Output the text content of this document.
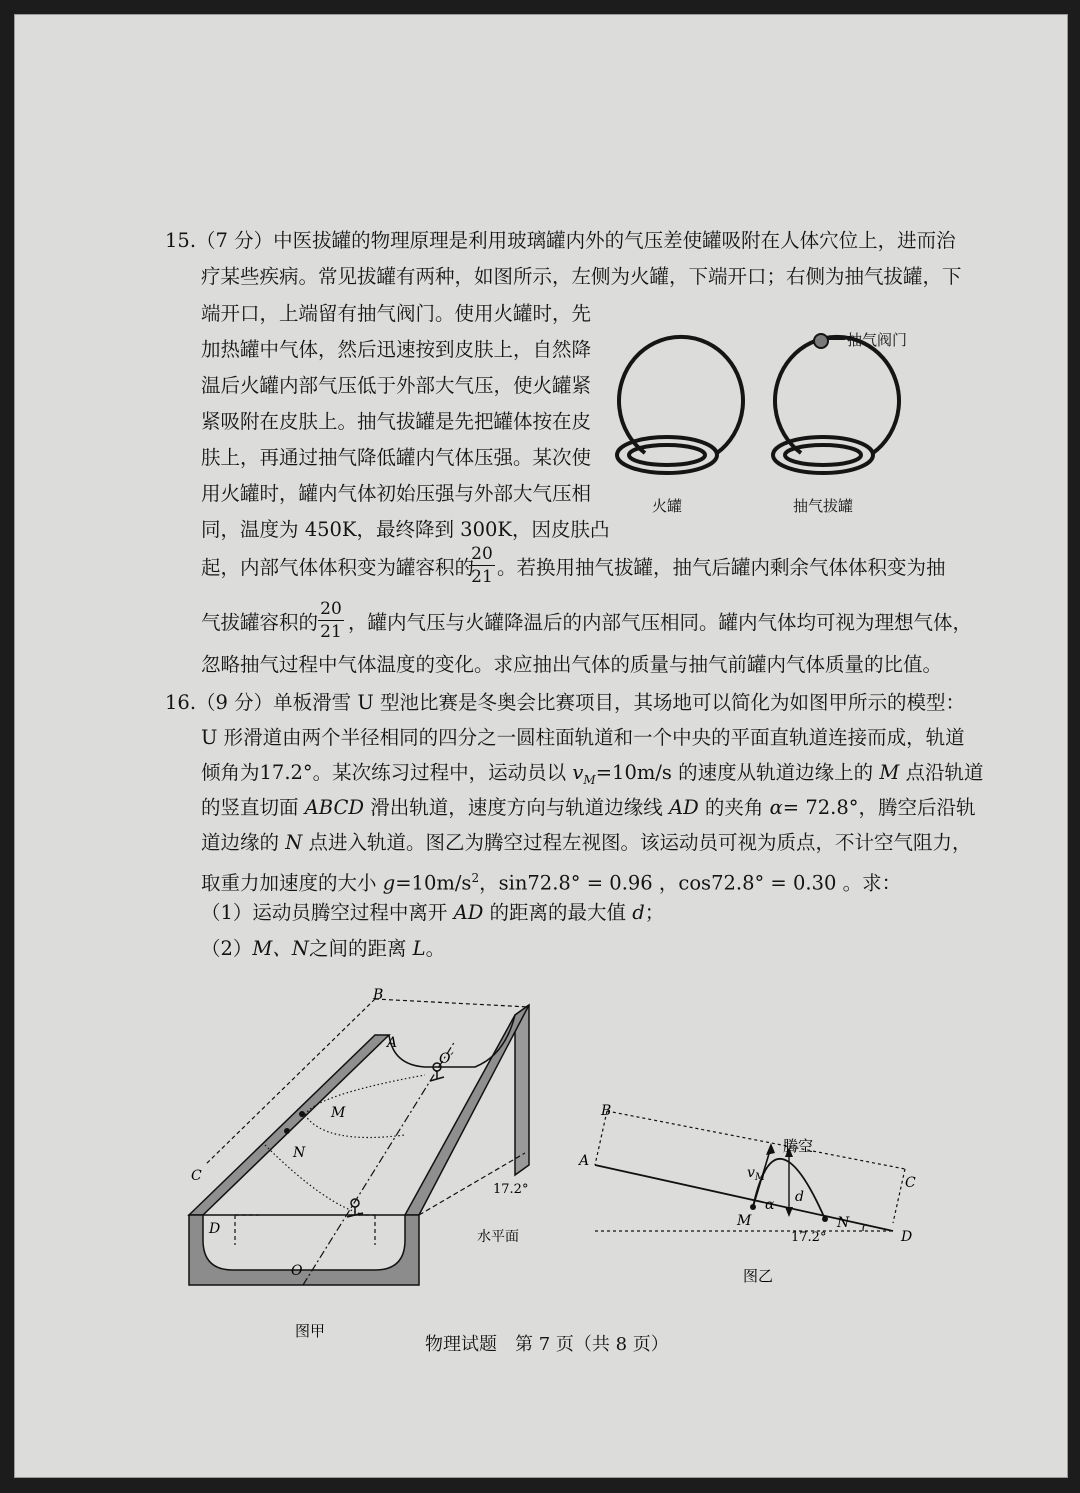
15.（7 分）中医拔罐的物理原理是利用玻璃罐内外的气压差使罐吸附在人体穴位上，进而治
疗某些疾病。常见拔罐有两种，如图所示，左侧为火罐，下端开口；右侧为抽气拔罐，下
端开口，上端留有抽气阀门。使用火罐时，先
加热罐中气体，然后迅速按到皮肤上，自然降
温后火罐内部气压低于外部大气压，使火罐紧
紧吸附在皮肤上。抽气拔罐是先把罐体按在皮
肤上，再通过抽气降低罐内气体压强。某次使
用火罐时，罐内气体初始压强与外部大气压相
同，温度为 450K，最终降到 300K，因皮肤凸
起，内部气体体积变为罐容积的
$\frac{20}{21}$ 。若换用抽气拔罐，抽气后罐内剩余气体体积变为抽
气拔罐容积的 $\frac{20}{21}$ ，罐内气压与火罐降温后的内部气压相同。罐内气体均可视为理想气体，
忽略抽气过程中气体温度的变化。求应抽出气体的质量与抽气前罐内气体质量的比值。
火罐	抽气拔罐
抽气阀门
16.（9 分）单板滑雪 U 型池比赛是冬奥会比赛项目，其场地可以简化为如图甲所示的模型：
U 形滑道由两个半径相同的四分之一圆柱面轨道和一个中央的平面直轨道连接而成，轨道
倾角为17.2°。某次练习过程中，运动员以 $v_M=10m/s$ 的速度从轨道边缘上的 M 点沿轨道
的竖直切面 ABCD 滑出轨道，速度方向与轨道边缘线 AD 的夹角 α= 72.8°，腾空后沿轨
道边缘的 N 点进入轨道。图乙为腾空过程左视图。该运动员可视为质点，不计空气阻力，
取重力加速度的大小 $g=10m/s^2$，sin72.8° = 0.96 ，cos72.8° = 0.30 。求：
（1）运动员腾空过程中离开 AD 的距离的最大值 d；
（2）M、N之间的距离 L。
B
A
O′
M
N
C
D
O
17.2°
水平面
图甲
B
A
C
D
M	N
腾空
$v_M$
α d
17.2°
图乙
物理试题　第 7 页（共 8 页）
